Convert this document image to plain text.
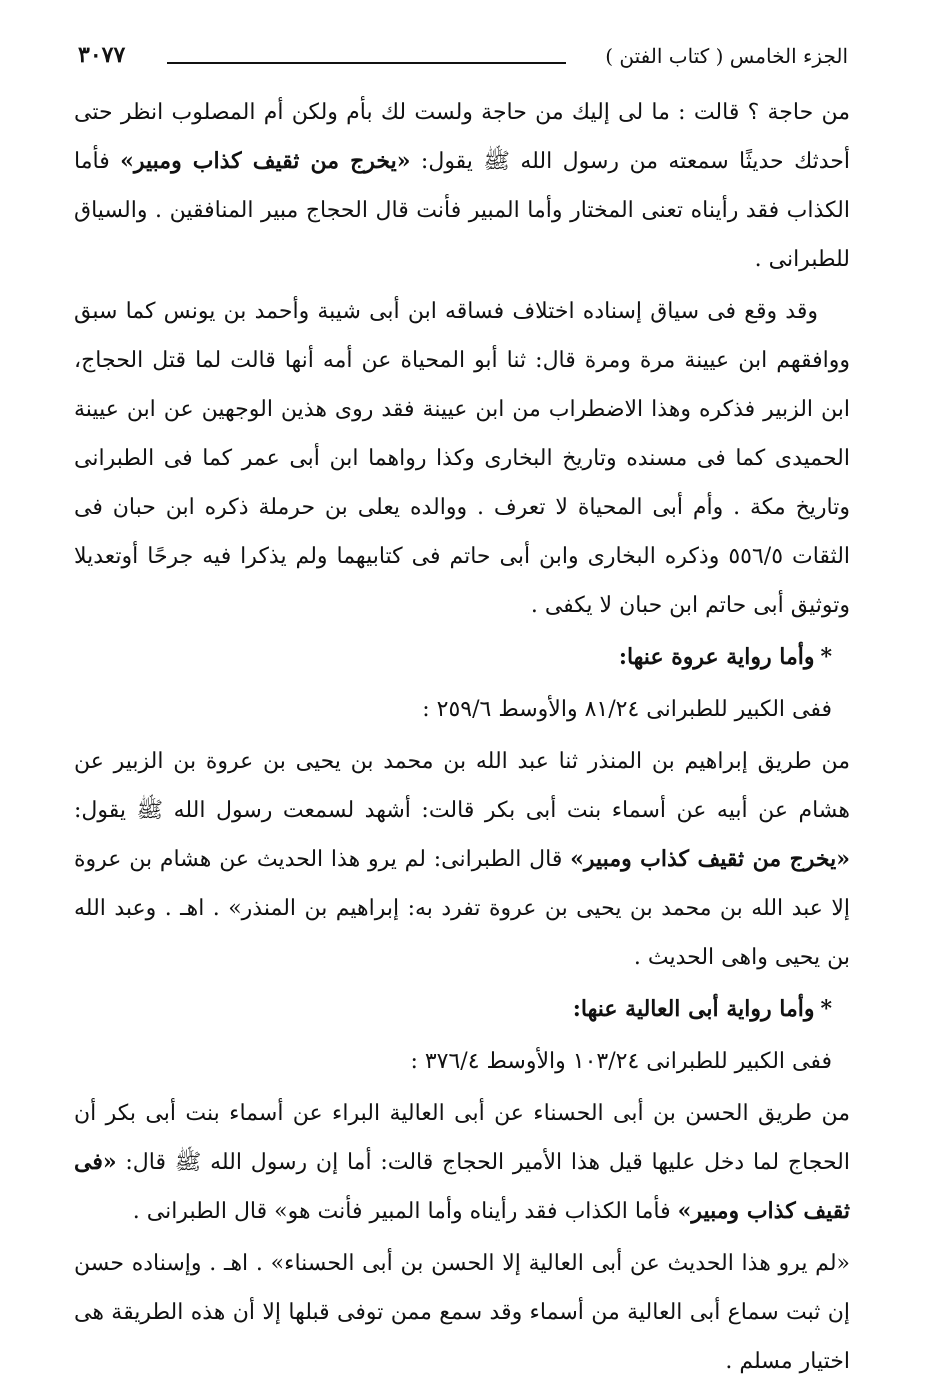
الجزء الخامس ( كتاب الفتن )
٣٠٧٧

من حاجة ؟ قالت : ما لى إليك من حاجة ولست لك بأم ولكن أم المصلوب انظر حتى أحدثك حديثًا سمعته من رسول الله ﷺ يقول: «يخرج من ثقيف كذاب ومبير» فأما الكذاب فقد رأيناه تعنى المختار وأما المبير فأنت قال الحجاج مبير المنافقين . والسياق للطبرانى .

وقد وقع فى سياق إسناده اختلاف فساقه ابن أبى شيبة وأحمد بن يونس كما سبق ووافقهم ابن عيينة مرة ومرة قال: ثنا أبو المحياة عن أمه أنها قالت لما قتل الحجاج، ابن الزبير فذكره وهذا الاضطراب من ابن عيينة فقد روى هذين الوجهين عن ابن عيينة الحميدى كما فى مسنده وتاريخ البخارى وكذا رواهما ابن أبى عمر كما فى الطبرانى وتاريخ مكة . وأم أبى المحياة لا تعرف . ووالده يعلى بن حرملة ذكره ابن حبان فى الثقات ٥٥٦/٥ وذكره البخارى وابن أبى حاتم فى كتابيهما ولم يذكرا فيه جرحًا أوتعديلا وتوثيق أبى حاتم ابن حبان لا يكفى .

*وأما رواية عروة عنها:

ففى الكبير للطبرانى ٨١/٢٤ والأوسط ٢٥٩/٦ :

من طريق إبراهيم بن المنذر ثنا عبد الله بن محمد بن يحيى بن عروة بن الزبير عن هشام عن أبيه عن أسماء بنت أبى بكر قالت: أشهد لسمعت رسول الله ﷺ يقول: «يخرج من ثقيف كذاب ومبير» قال الطبرانى: لم يرو هذا الحديث عن هشام بن عروة إلا عبد الله بن محمد بن يحيى بن عروة تفرد به: إبراهيم بن المنذر» . اهـ . وعبد الله بن يحيى واهى الحديث .

*وأما رواية أبى العالية عنها:

ففى الكبير للطبرانى ١٠٣/٢٤ والأوسط ٣٧٦/٤ :

من طريق الحسن بن أبى الحسناء عن أبى العالية البراء عن أسماء بنت أبى بكر أن الحجاج لما دخل عليها قيل هذا الأمير الحجاج قالت: أما إن رسول الله ﷺ قال: «فى ثقيف كذاب ومبير» فأما الكذاب فقد رأيناه وأما المبير فأنت هو» قال الطبرانى .

«لم يرو هذا الحديث عن أبى العالية إلا الحسن بن أبى الحسناء» . اهـ . وإسناده حسن إن ثبت سماع أبى العالية من أسماء وقد سمع ممن توفى قبلها إلا أن هذه الطريقة هى اختيار مسلم .
